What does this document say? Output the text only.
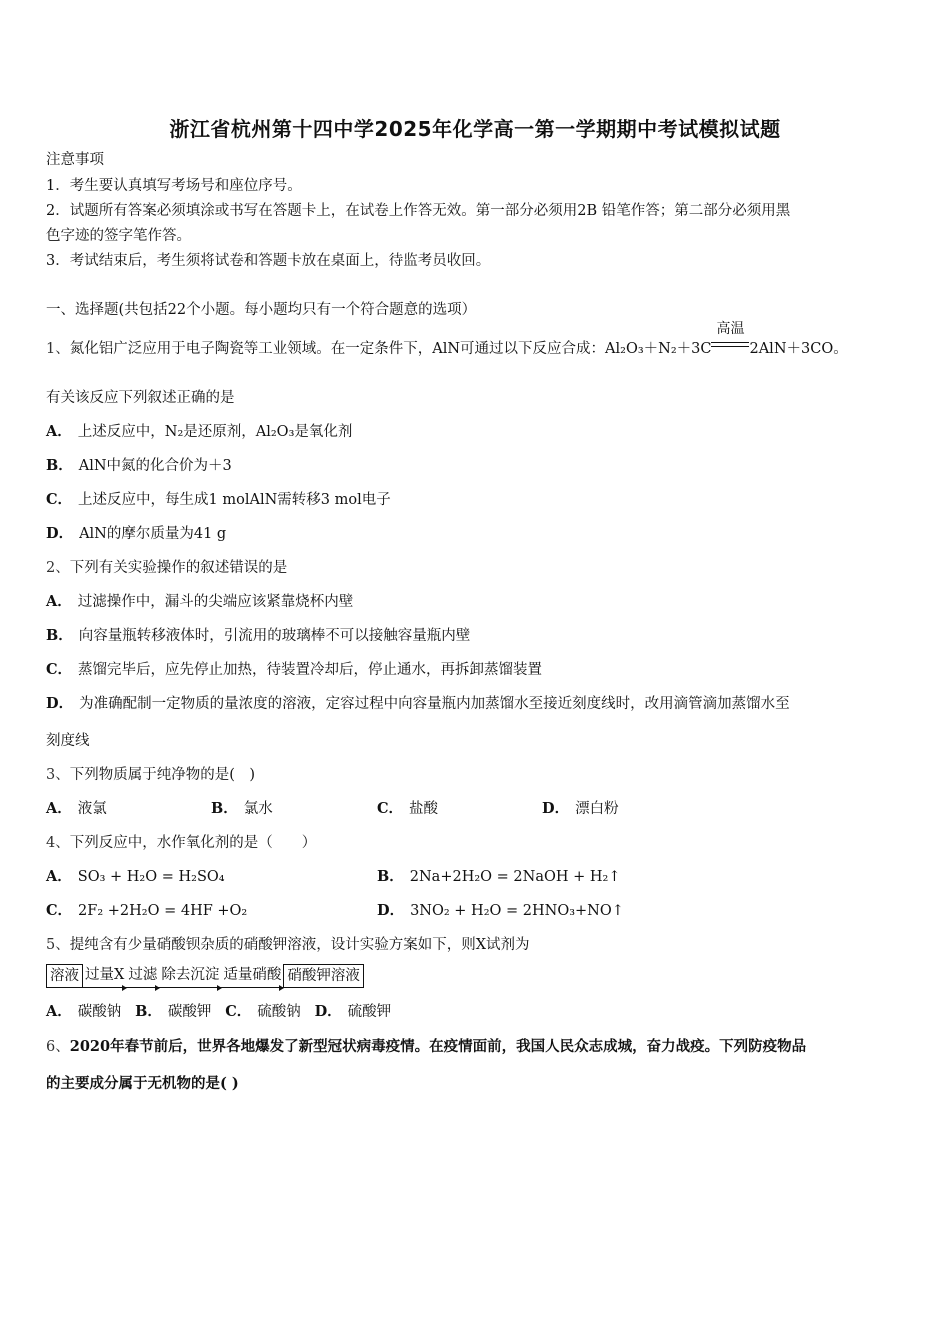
浙江省杭州第十四中学2025年化学高一第一学期期中考试模拟试题
注意事项
1．考生要认真填写考场号和座位序号。
2．试题所有答案必须填涂或书写在答题卡上，在试卷上作答无效。第一部分必须用2B 铅笔作答；第二部分必须用黑
色字迹的签字笔作答。
3．考试结束后，考生须将试卷和答题卡放在桌面上，待监考员收回。
一、选择题(共包括22个小题。每小题均只有一个符合题意的选项）
1、氮化铝广泛应用于电子陶瓷等工业领域。在一定条件下，AlN可通过以下反应合成：Al₂O₃＋N₂＋3C
高温
2AlN＋3CO。
有关该反应下列叙述正确的是
A． 上述反应中，N₂是还原剂，Al₂O₃是氧化剂
B． AlN中氮的化合价为＋3
C． 上述反应中，每生成1 molAlN需转移3 mol电子
D． AlN的摩尔质量为41 g
2、下列有关实验操作的叙述错误的是
A． 过滤操作中，漏斗的尖端应该紧靠烧杯内壁
B． 向容量瓶转移液体时，引流用的玻璃棒不可以接触容量瓶内壁
C． 蒸馏完毕后，应先停止加热，待装置冷却后，停止通水，再拆卸蒸馏装置
D． 为准确配制一定物质的量浓度的溶液，定容过程中向容量瓶内加蒸馏水至接近刻度线时，改用滴管滴加蒸馏水至
刻度线
3、下列物质属于纯净物的是(　)
A． 液氯	B． 氯水	C． 盐酸	D． 漂白粉
4、下列反应中，水作氧化剂的是（　　）
A． SO₃ + H₂O = H₂SO₄	B． 2Na+2H₂O = 2NaOH + H₂↑
C． 2F₂ +2H₂O = 4HF +O₂	D． 3NO₂ + H₂O = 2HNO₃+NO↑
5、提纯含有少量硝酸钡杂质的硝酸钾溶液，设计实验方案如下，则X试剂为
溶液 过量X 过滤 除去沉淀 适量硝酸 硝酸钾溶液
A． 碳酸钠 B． 碳酸钾 C． 硫酸钠 D． 硫酸钾
6、2020年春节前后，世界各地爆发了新型冠状病毒疫情。在疫情面前，我国人民众志成城，奋力战疫。下列防疫物品
的主要成分属于无机物的是( )
